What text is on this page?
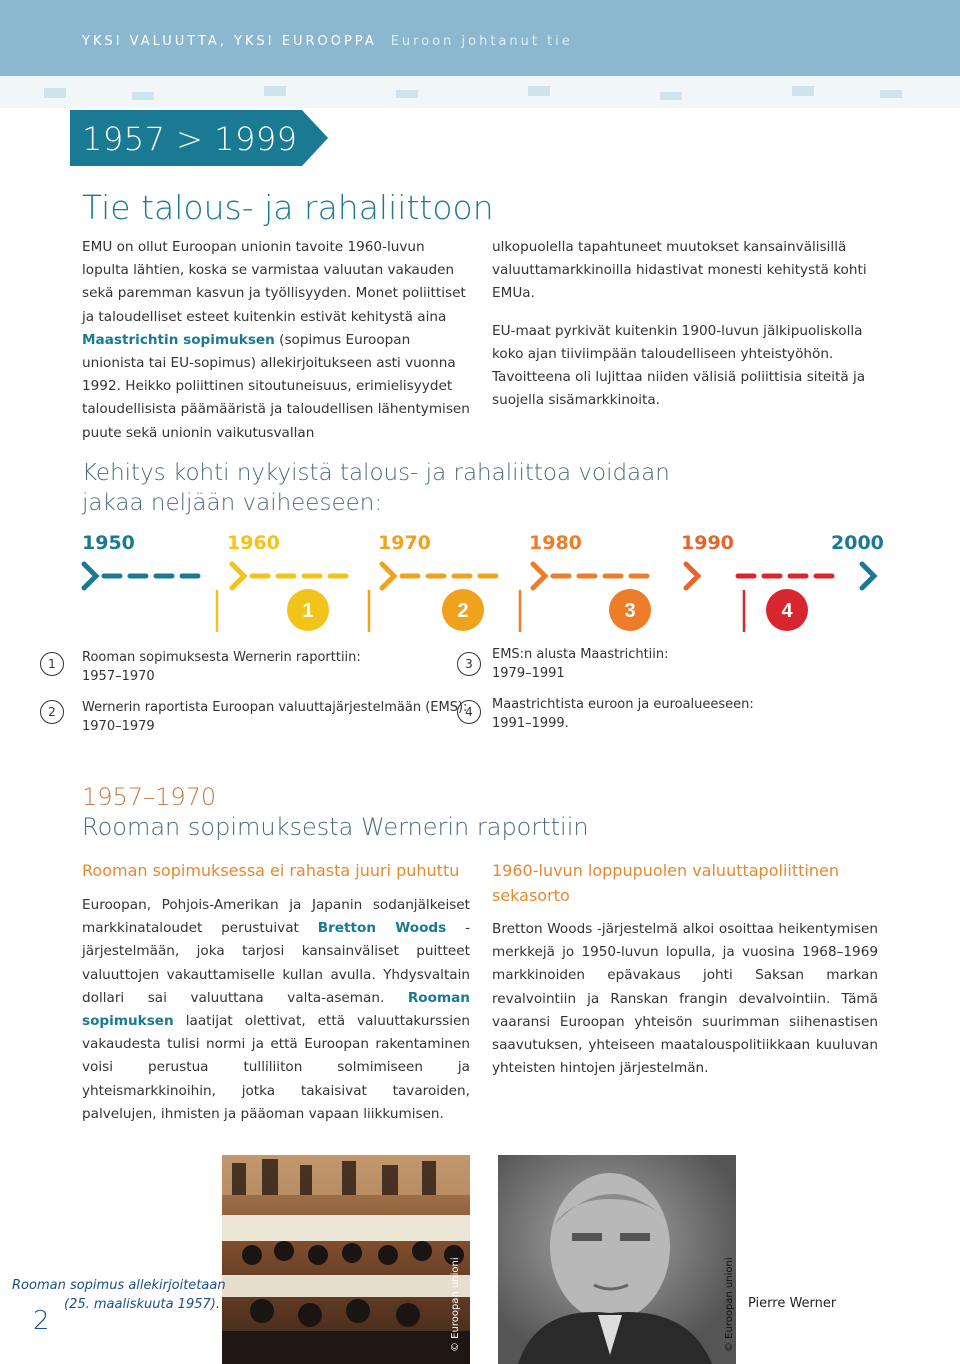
YKSI VALUUTTA, YKSI EUROOPPA Euroon johtanut tie
1957 > 1999
Tie talous- ja rahaliittoon
EMU on ollut Euroopan unionin tavoite 1960-luvun lopulta lähtien, koska se varmistaa valuutan vakauden sekä paremman kasvun ja työllisyyden. Monet poliittiset ja taloudelliset esteet kuitenkin estivät kehitystä aina Maastrichtin sopimuksen (sopimus Euroopan unionista tai EU-sopimus) allekirjoitukseen asti vuonna 1992. Heikko poliittinen sitoutuneisuus, erimielisyydet taloudellisista päämääristä ja taloudellisen lähentymisen puute sekä unionin vaikutusvallan
ulkopuolella tapahtuneet muutokset kansainvälisillä valuuttamarkkinoilla hidastivat monesti kehitystä kohti EMUa.
EU-maat pyrkivät kuitenkin 1900-luvun jälkipuoliskolla koko ajan tiiviimpään taloudelliseen yhteistyöhön. Tavoitteena oli lujittaa niiden välisiä poliittisia siteitä ja suojella sisämarkkinoita.
Kehitys kohti nykyistä talous- ja rahaliittoa voidaan jakaa neljään vaiheeseen:
1950	1960	1970	1980	1990	2000
1	2	3	4
1	Rooman sopimuksesta Wernerin raporttiin:
1957–1970
2	Wernerin raportista Euroopan valuuttajärjestelmään (EMS):
1970–1979
3
EMS:n alusta Maastrichtiin:
1979–1991
4	Maastrichtista euroon ja euroalueeseen:
1991–1999.
1957–1970
Rooman sopimuksesta Wernerin raporttiin
Rooman sopimuksessa ei rahasta juuri puhuttu
Euroopan, Pohjois-Amerikan ja Japanin sodanjälkeiset markkinataloudet perustuivat Bretton Woods -järjestelmään, joka tarjosi kansainväliset puitteet valuuttojen vakauttamiselle kullan avulla. Yhdysvaltain dollari sai valuuttana valta-aseman. Rooman sopimuksen laatijat olettivat, että valuuttakurssien vakaudesta tulisi normi ja että Euroopan rakentaminen voisi perustua tulliliiton solmimiseen ja yhteismarkkinoihin, jotka takaisivat tavaroiden, palvelujen, ihmisten ja pääoman vapaan liikkumisen.
1960-luvun loppupuolen valuuttapoliittinen sekasorto
Bretton Woods -järjestelmä alkoi osoittaa heikentymisen merkkejä jo 1950-luvun lopulla, ja vuosina 1968–1969 markkinoiden epävakaus johti Saksan markan revalvointiin ja Ranskan frangin devalvointiin. Tämä vaaransi Euroopan yhteisön suurimman siihenastisen saavutuksen, yhteiseen maatalouspolitiikkaan kuuluvan yhteisten hintojen järjestelmän.
© Euroopan unioni	© Euroopan unioni
Rooman sopimus allekirjoitetaan
(25. maaliskuuta 1957).	Pierre Werner
2
